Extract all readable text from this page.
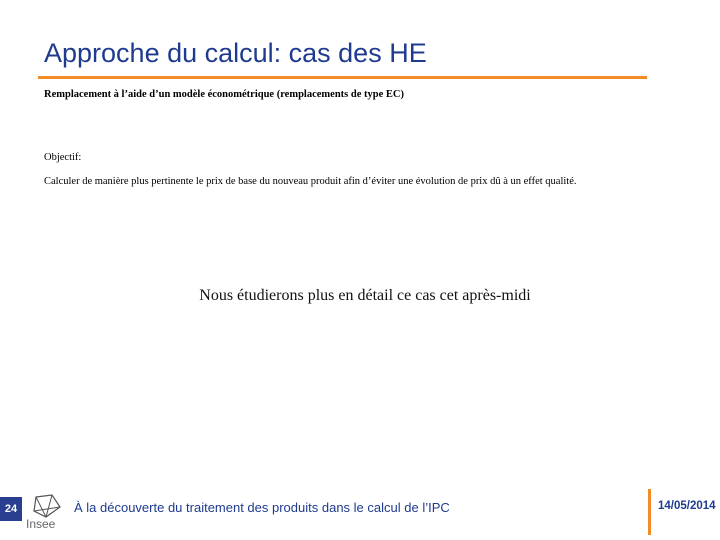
Approche du calcul: cas des HE
Remplacement à l’aide d’un modèle économétrique (remplacements de type EC)
Objectif:
Calculer de manière plus pertinente le prix de base du nouveau produit afin d’éviter une évolution de prix dû à un effet qualité.
Nous étudierons plus en détail ce cas cet après-midi
24
Insee
À la découverte du traitement des produits dans le calcul de l’IPC	14/05/2014
